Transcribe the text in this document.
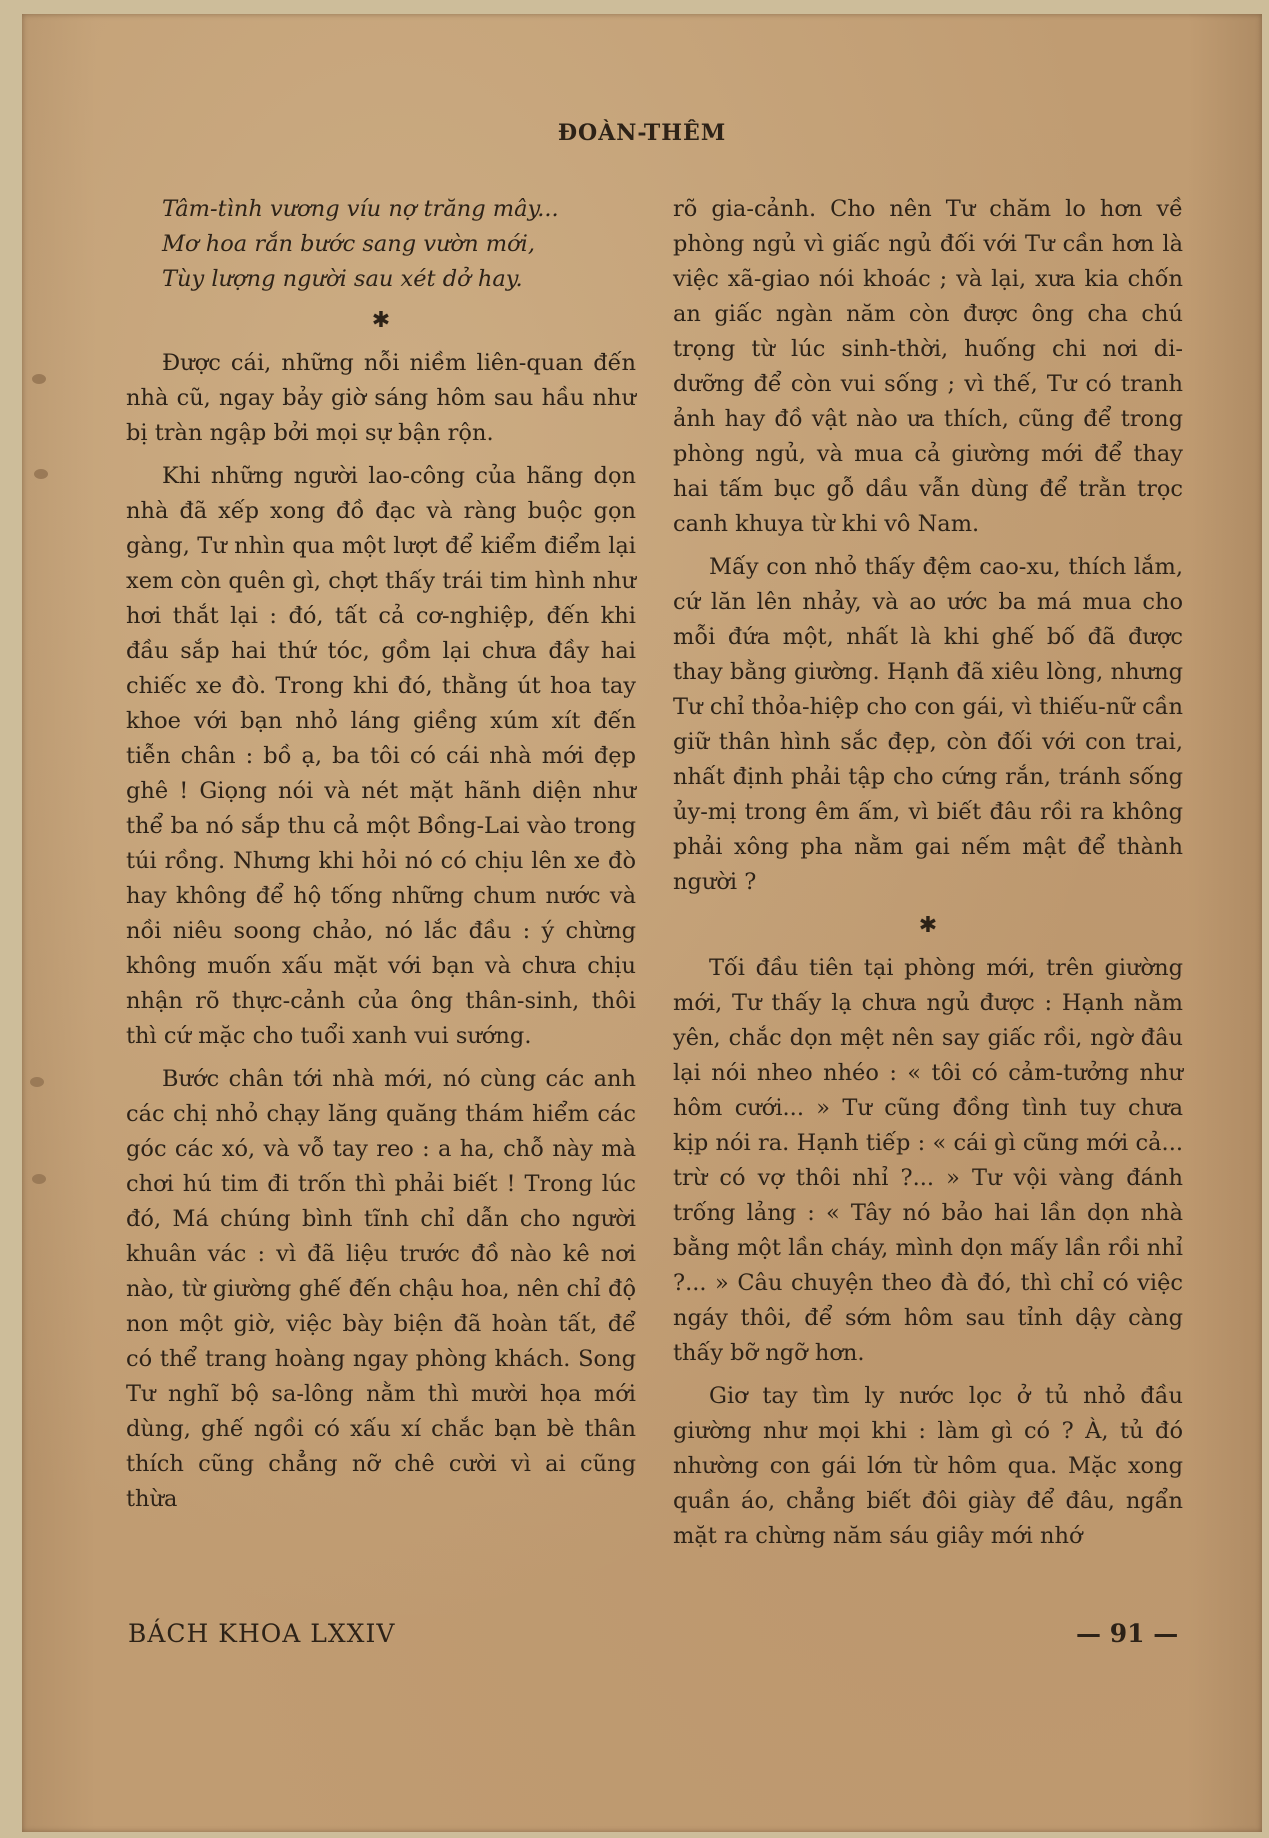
ĐOÀN-THÊM
Tâm-tình vương víu nợ trăng mây...
Mơ hoa rắn bước sang vườn mới,
Tùy lượng người sau xét dở hay.
✱

Được cái, những nỗi niềm liên-quan đến nhà cũ, ngay bảy giờ sáng hôm sau hầu như bị tràn ngập bởi mọi sự bận rộn.

Khi những người lao-công của hãng dọn nhà đã xếp xong đồ đạc và ràng buộc gọn gàng, Tư nhìn qua một lượt để kiểm điểm lại xem còn quên gì, chợt thấy trái tim hình như hơi thắt lại : đó, tất cả cơ-nghiệp, đến khi đầu sắp hai thứ tóc, gồm lại chưa đầy hai chiếc xe đò. Trong khi đó, thằng út hoa tay khoe với bạn nhỏ láng giềng xúm xít đến tiễn chân : bồ ạ, ba tôi có cái nhà mới đẹp ghê ! Giọng nói và nét mặt hãnh diện như thể ba nó sắp thu cả một Bồng-Lai vào trong túi rồng. Nhưng khi hỏi nó có chịu lên xe đò hay không để hộ tống những chum nước và nồi niêu soong chảo, nó lắc đầu : ý chừng không muốn xấu mặt với bạn và chưa chịu nhận rõ thực-cảnh của ông thân-sinh, thôi thì cứ mặc cho tuổi xanh vui sướng.

Bước chân tới nhà mới, nó cùng các anh các chị nhỏ chạy lăng quăng thám hiểm các góc các xó, và vỗ tay reo : a ha, chỗ này mà chơi hú tim đi trốn thì phải biết ! Trong lúc đó, Má chúng bình tĩnh chỉ dẫn cho người khuân vác : vì đã liệu trước đồ nào kê nơi nào, từ giường ghế đến chậu hoa, nên chỉ độ non một giờ, việc bày biện đã hoàn tất, để có thể trang hoàng ngay phòng khách. Song Tư nghĩ bộ sa-lông nằm thì mười họa mới dùng, ghế ngồi có xấu xí chắc bạn bè thân thích cũng chẳng nỡ chê cười vì ai cũng thừa

rõ gia-cảnh. Cho nên Tư chăm lo hơn về phòng ngủ vì giấc ngủ đối với Tư cần hơn là việc xã-giao nói khoác ; và lại, xưa kia chốn an giấc ngàn năm còn được ông cha chú trọng từ lúc sinh-thời, huống chi nơi di-dưỡng để còn vui sống ; vì thế, Tư có tranh ảnh hay đồ vật nào ưa thích, cũng để trong phòng ngủ, và mua cả giường mới để thay hai tấm bục gỗ dầu vẫn dùng để trằn trọc canh khuya từ khi vô Nam.

Mấy con nhỏ thấy đệm cao-xu, thích lắm, cứ lăn lên nhảy, và ao ước ba má mua cho mỗi đứa một, nhất là khi ghế bố đã được thay bằng giường. Hạnh đã xiêu lòng, nhưng Tư chỉ thỏa-hiệp cho con gái, vì thiếu-nữ cần giữ thân hình sắc đẹp, còn đối với con trai, nhất định phải tập cho cứng rắn, tránh sống ủy-mị trong êm ấm, vì biết đâu rồi ra không phải xông pha nằm gai nếm mật để thành người ?

✱

Tối đầu tiên tại phòng mới, trên giường mới, Tư thấy lạ chưa ngủ được : Hạnh nằm yên, chắc dọn mệt nên say giấc rồi, ngờ đâu lại nói nheo nhéo : « tôi có cảm-tưởng như hôm cưới... » Tư cũng đồng tình tuy chưa kịp nói ra. Hạnh tiếp : « cái gì cũng mới cả... trừ có vợ thôi nhỉ ?... » Tư vội vàng đánh trống lảng : « Tây nó bảo hai lần dọn nhà bằng một lần cháy, mình dọn mấy lần rồi nhỉ ?... » Câu chuyện theo đà đó, thì chỉ có việc ngáy thôi, để sớm hôm sau tỉnh dậy càng thấy bỡ ngỡ hơn.

Giơ tay tìm ly nước lọc ở tủ nhỏ đầu giường như mọi khi : làm gì có ? À, tủ đó nhường con gái lớn từ hôm qua. Mặc xong quần áo, chẳng biết đôi giày để đâu, ngẩn mặt ra chừng năm sáu giây mới nhớ

BÁCH KHOA LXXIV	— 91 —
